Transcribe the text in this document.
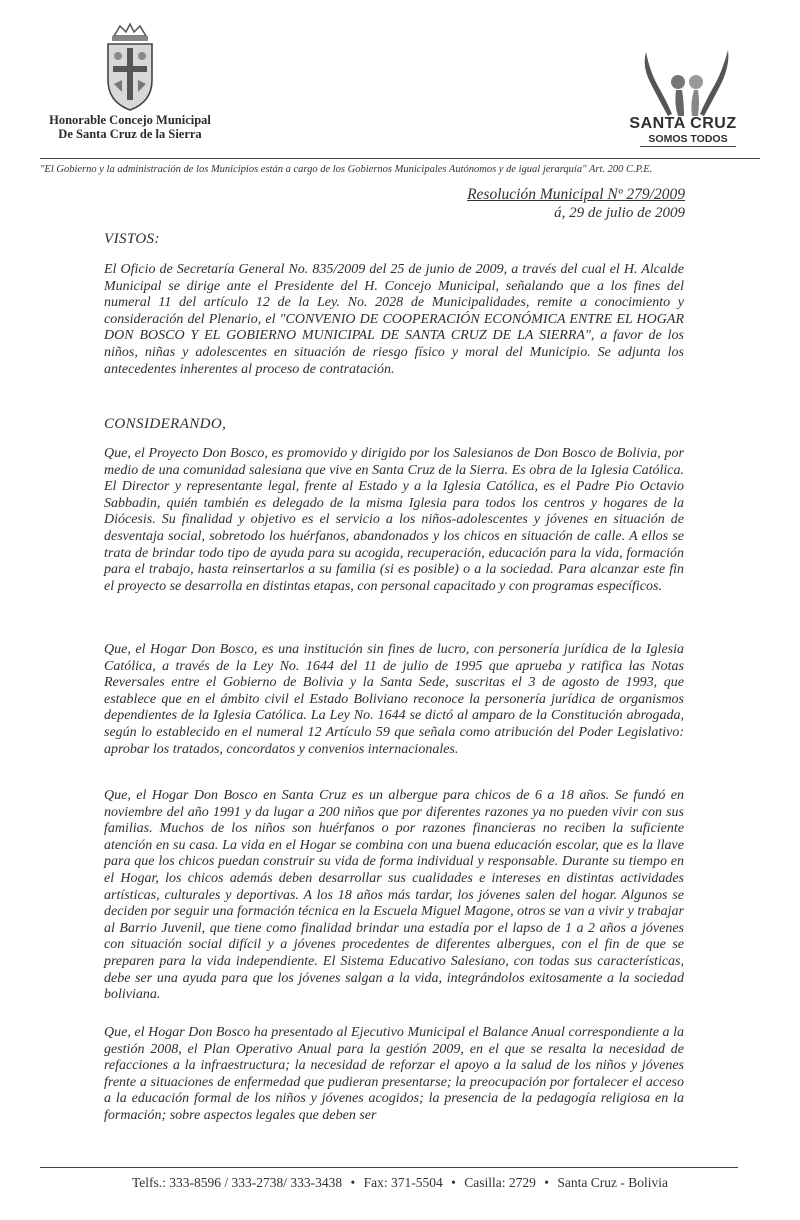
Honorable Concejo Municipal
De Santa Cruz de la Sierra
SANTA CRUZ
SOMOS TODOS
"El Gobierno y la administración de los Municipios están a cargo de los Gobiernos Municipales Autónomos y de igual jerarquía" Art. 200 C.P.E.
Resolución Municipal Nº 279/2009
á, 29 de julio de 2009
VISTOS:
El Oficio de Secretaría General No. 835/2009 del 25 de junio de 2009, a través del cual el H. Alcalde Municipal se dirige ante el Presidente del H. Concejo Municipal, señalando que a los fines del numeral 11 del artículo 12 de la Ley. No. 2028 de Municipalidades, remite a conocimiento y consideración del Plenario, el "CONVENIO DE COOPERACIÓN ECONÓMICA ENTRE EL HOGAR DON BOSCO Y EL GOBIERNO MUNICIPAL DE SANTA CRUZ DE LA SIERRA", a favor de los niños, niñas y adolescentes en situación de riesgo físico y moral del Municipio. Se adjunta los antecedentes inherentes al proceso de contratación.
CONSIDERANDO,
Que, el Proyecto Don Bosco, es promovido y dirigido por los Salesianos de Don Bosco de Bolivia, por medio de una comunidad salesiana que vive en Santa Cruz de la Sierra. Es obra de la Iglesia Católica. El Director y representante legal, frente al Estado y a la Iglesia Católica, es el Padre Pio Octavio Sabbadin, quién también es delegado de la misma Iglesia para todos los centros y hogares de la Diócesis. Su finalidad y objetivo es el servicio a los niños-adolescentes y jóvenes en situación de desventaja social, sobretodo los huérfanos, abandonados y los chicos en situación de calle. A ellos se trata de brindar todo tipo de ayuda para su acogida, recuperación, educación para la vida, formación para el trabajo, hasta reinsertarlos a su familia (si es posible) o a la sociedad. Para alcanzar este fin el proyecto se desarrolla en distintas etapas, con personal capacitado y con programas específicos.
Que, el Hogar Don Bosco, es una institución sin fines de lucro, con personería jurídica de la Iglesia Católica, a través de la Ley No. 1644 del 11 de julio de 1995 que aprueba y ratifica las Notas Reversales entre el Gobierno de Bolivia y la Santa Sede, suscritas el 3 de agosto de 1993, que establece que en el ámbito civil el Estado Boliviano reconoce la personería jurídica de organismos dependientes de la Iglesia Católica. La Ley No. 1644 se dictó al amparo de la Constitución abrogada, según lo establecido en el numeral 12 Artículo 59 que señala como atribución del Poder Legislativo: aprobar los tratados, concordatos y convenios internacionales.
Que, el Hogar Don Bosco en Santa Cruz es un albergue para chicos de 6 a 18 años. Se fundó en noviembre del año 1991 y da lugar a 200 niños que por diferentes razones ya no pueden vivir con sus familias. Muchos de los niños son huérfanos o por razones financieras no reciben la suficiente atención en su casa. La vida en el Hogar se combina con una buena educación escolar, que es la llave para que los chicos puedan construir su vida de forma individual y responsable. Durante su tiempo en el Hogar, los chicos además deben desarrollar sus cualidades e intereses en distintas actividades artísticas, culturales y deportivas. A los 18 años más tardar, los jóvenes salen del hogar. Algunos se deciden por seguir una formación técnica en la Escuela Miguel Magone, otros se van a vivir y trabajar al Barrio Juvenil, que tiene como finalidad brindar una estadía por el lapso de 1 a 2 años a jóvenes con situación social difícil y a jóvenes procedentes de diferentes albergues, con el fin de que se preparen para la vida independiente. El Sistema Educativo Salesiano, con todas sus características, debe ser una ayuda para que los jóvenes salgan a la vida, integrándolos exitosamente a la sociedad boliviana.
Que, el Hogar Don Bosco ha presentado al Ejecutivo Municipal el Balance Anual correspondiente a la gestión 2008, el Plan Operativo Anual para la gestión 2009, en el que se resalta la necesidad de refacciones a la infraestructura; la necesidad de reforzar el apoyo a la salud de los niños y jóvenes frente a situaciones de enfermedad que pudieran presentarse; la preocupación por fortalecer el acceso a la educación formal de los niños y jóvenes acogidos; la presencia de la pedagogía religiosa en la formación; sobre aspectos legales que deben ser
Telfs.: 333-8596 / 333-2738/ 333-3438 • Fax: 371-5504 • Casilla: 2729 • Santa Cruz - Bolivia
